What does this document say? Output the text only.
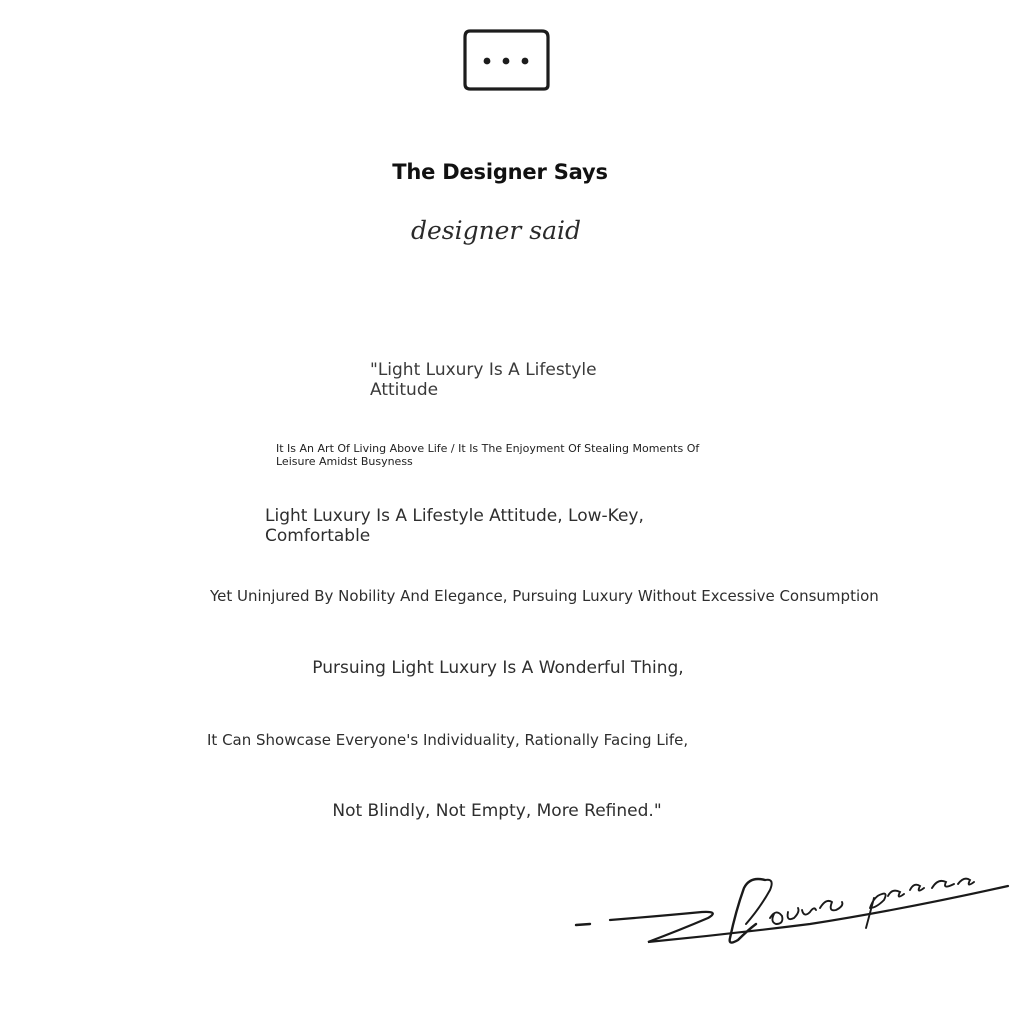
The Designer Says
designer said
"Light Luxury Is A Lifestyle Attitude
It Is An Art Of Living Above Life / It Is The Enjoyment Of Stealing Moments Of Leisure Amidst Busyness
Light Luxury Is A Lifestyle Attitude, Low-Key, Comfortable
Yet Uninjured By Nobility And Elegance, Pursuing Luxury Without Excessive Consumption
Pursuing Light Luxury Is A Wonderful Thing,
It Can Showcase Everyone's Individuality, Rationally Facing Life,
Not Blindly, Not Empty, More Refined."
